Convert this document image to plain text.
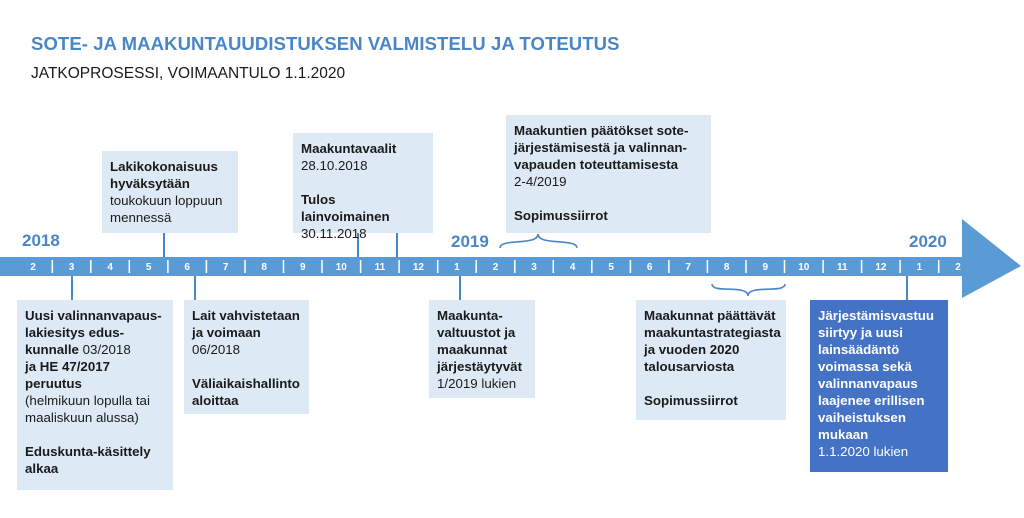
SOTE- JA MAAKUNTAUUDISTUKSEN VALMISTELU JA TOTEUTUS
JATKOPROSESSI, VOIMAANTULO 1.1.2020
2018	2019	2020
2	3	4	5	6	7	8	9	10	11	12	1	2	3	4	5	6	7	8	9	10	11	12	1	2
Lakikokonaisuus hyväksytään

toukokuun loppuun mennessä

Maakuntavaalit

28.10.2018

Tulos lainvoimainen

30.11.2018

Maakuntien päätökset sote-järjestämisestä ja valinnan-vapauden toteuttamisesta

2-4/2019

Sopimussiirrot

Uusi valinnanvapaus-lakiesitys edus-kunnalle 03/2018

ja HE 47/2017 peruutus

(helmikuun lopulla tai maaliskuun alussa)

Eduskunta-käsittely alkaa

Lait vahvistetaan ja voimaan

06/2018

Väliaikaishallinto aloittaa

Maakunta-valtuustot ja maakunnat järjestäytyvät

1/2019 lukien

Maakunnat päättävät maakuntastrategiasta ja vuoden 2020 talousarviosta

Sopimussiirrot

Järjestämisvastuu siirtyy ja uusi lainsäädäntö voimassa sekä valinnanvapaus laajenee erillisen vaiheistuksen mukaan

1.1.2020 lukien
